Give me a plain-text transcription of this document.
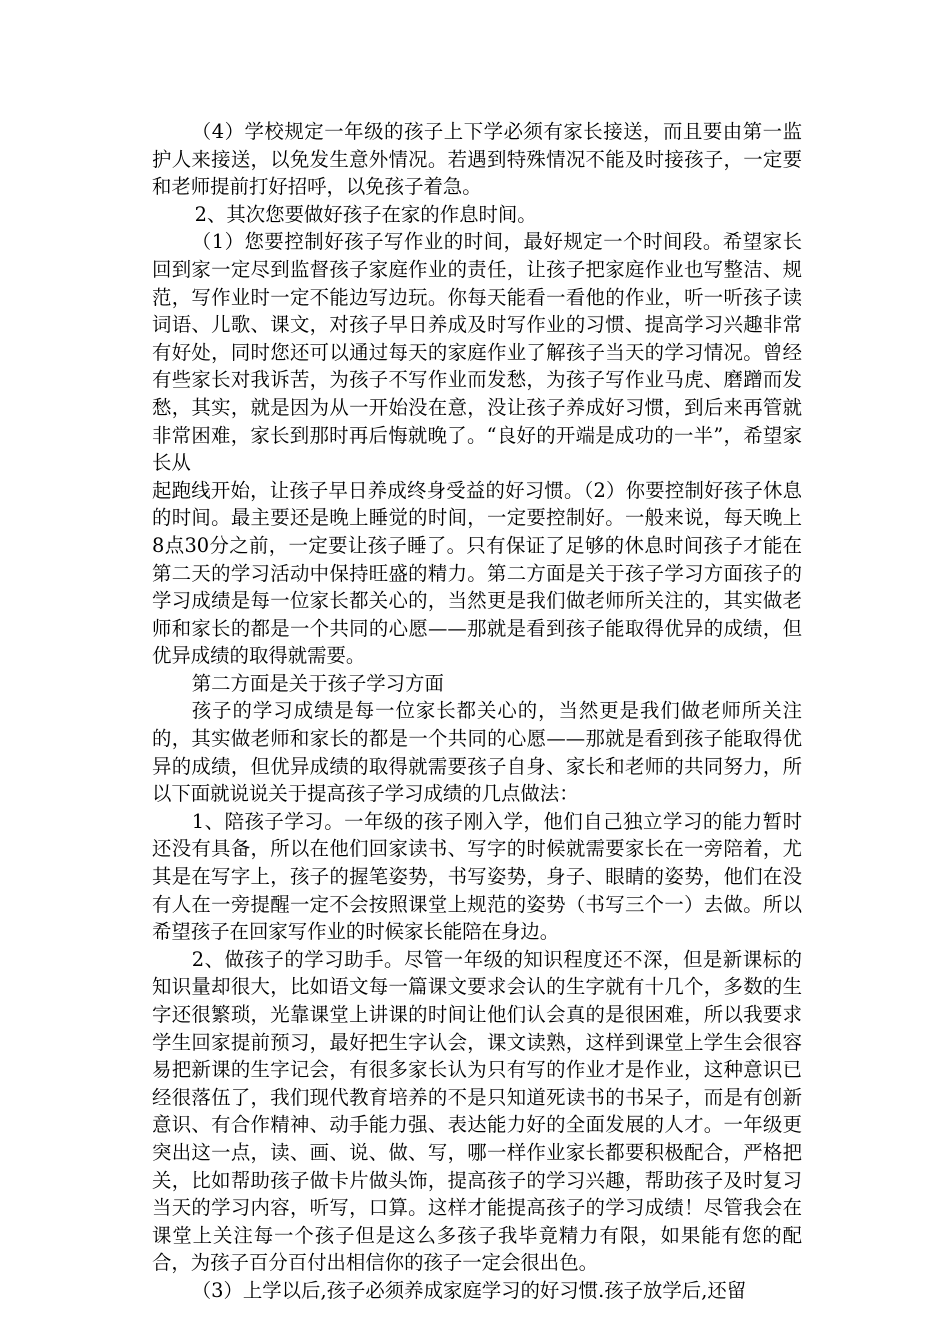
（4）学校规定一年级的孩子上下学必须有家长接送，而且要由第一监护人来接送，以免发生意外情况。若遇到特殊情况不能及时接孩子，一定要和老师提前打好招呼，以免孩子着急。

2、其次您要做好孩子在家的作息时间。

（1）您要控制好孩子写作业的时间，最好规定一个时间段。希望家长回到家一定尽到监督孩子家庭作业的责任，让孩子把家庭作业也写整洁、规范，写作业时一定不能边写边玩。你每天能看一看他的作业，听一听孩子读词语、儿歌、课文，对孩子早日养成及时写作业的习惯、提高学习兴趣非常有好处，同时您还可以通过每天的家庭作业了解孩子当天的学习情况。曾经有些家长对我诉苦，为孩子不写作业而发愁，为孩子写作业马虎、磨蹭而发愁，其实，就是因为从一开始没在意，没让孩子养成好习惯，到后来再管就非常困难，家长到那时再后悔就晚了。“良好的开端是成功的一半”，希望家长从

起跑线开始，让孩子早日养成终身受益的好习惯。（2）你要控制好孩子休息的时间。最主要还是晚上睡觉的时间，一定要控制好。一般来说，每天晚上8点30分之前，一定要让孩子睡了。只有保证了足够的休息时间孩子才能在第二天的学习活动中保持旺盛的精力。第二方面是关于孩子学习方面孩子的学习成绩是每一位家长都关心的，当然更是我们做老师所关注的，其实做老师和家长的都是一个共同的心愿——那就是看到孩子能取得优异的成绩，但优异成绩的取得就需要。

第二方面是关于孩子学习方面

孩子的学习成绩是每一位家长都关心的，当然更是我们做老师所关注的，其实做老师和家长的都是一个共同的心愿——那就是看到孩子能取得优异的成绩，但优异成绩的取得就需要孩子自身、家长和老师的共同努力，所以下面就说说关于提高孩子学习成绩的几点做法：

1、陪孩子学习。一年级的孩子刚入学，他们自己独立学习的能力暂时还没有具备，所以在他们回家读书、写字的时候就需要家长在一旁陪着，尤其是在写字上，孩子的握笔姿势，书写姿势，身子、眼睛的姿势，他们在没有人在一旁提醒一定不会按照课堂上规范的姿势（书写三个一）去做。所以希望孩子在回家写作业的时候家长能陪在身边。

2、做孩子的学习助手。尽管一年级的知识程度还不深，但是新课标的知识量却很大，比如语文每一篇课文要求会认的生字就有十几个，多数的生字还很繁琐，光靠课堂上讲课的时间让他们认会真的是很困难，所以我要求学生回家提前预习，最好把生字认会，课文读熟，这样到课堂上学生会很容易把新课的生字记会，有很多家长认为只有写的作业才是作业，这种意识已经很落伍了，我们现代教育培养的不是只知道死读书的书呆子，而是有创新意识、有合作精神、动手能力强、表达能力好的全面发展的人才。一年级更突出这一点，读、画、说、做、写，哪一样作业家长都要积极配合，严格把关，比如帮助孩子做卡片做头饰，提高孩子的学习兴趣，帮助孩子及时复习当天的学习内容，听写，口算。这样才能提高孩子的学习成绩！尽管我会在课堂上关注每一个孩子但是这么多孩子我毕竟精力有限，如果能有您的配合，为孩子百分百付出相信你的孩子一定会很出色。

（3）上学以后,孩子必须养成家庭学习的好习惯.孩子放学后,还留
